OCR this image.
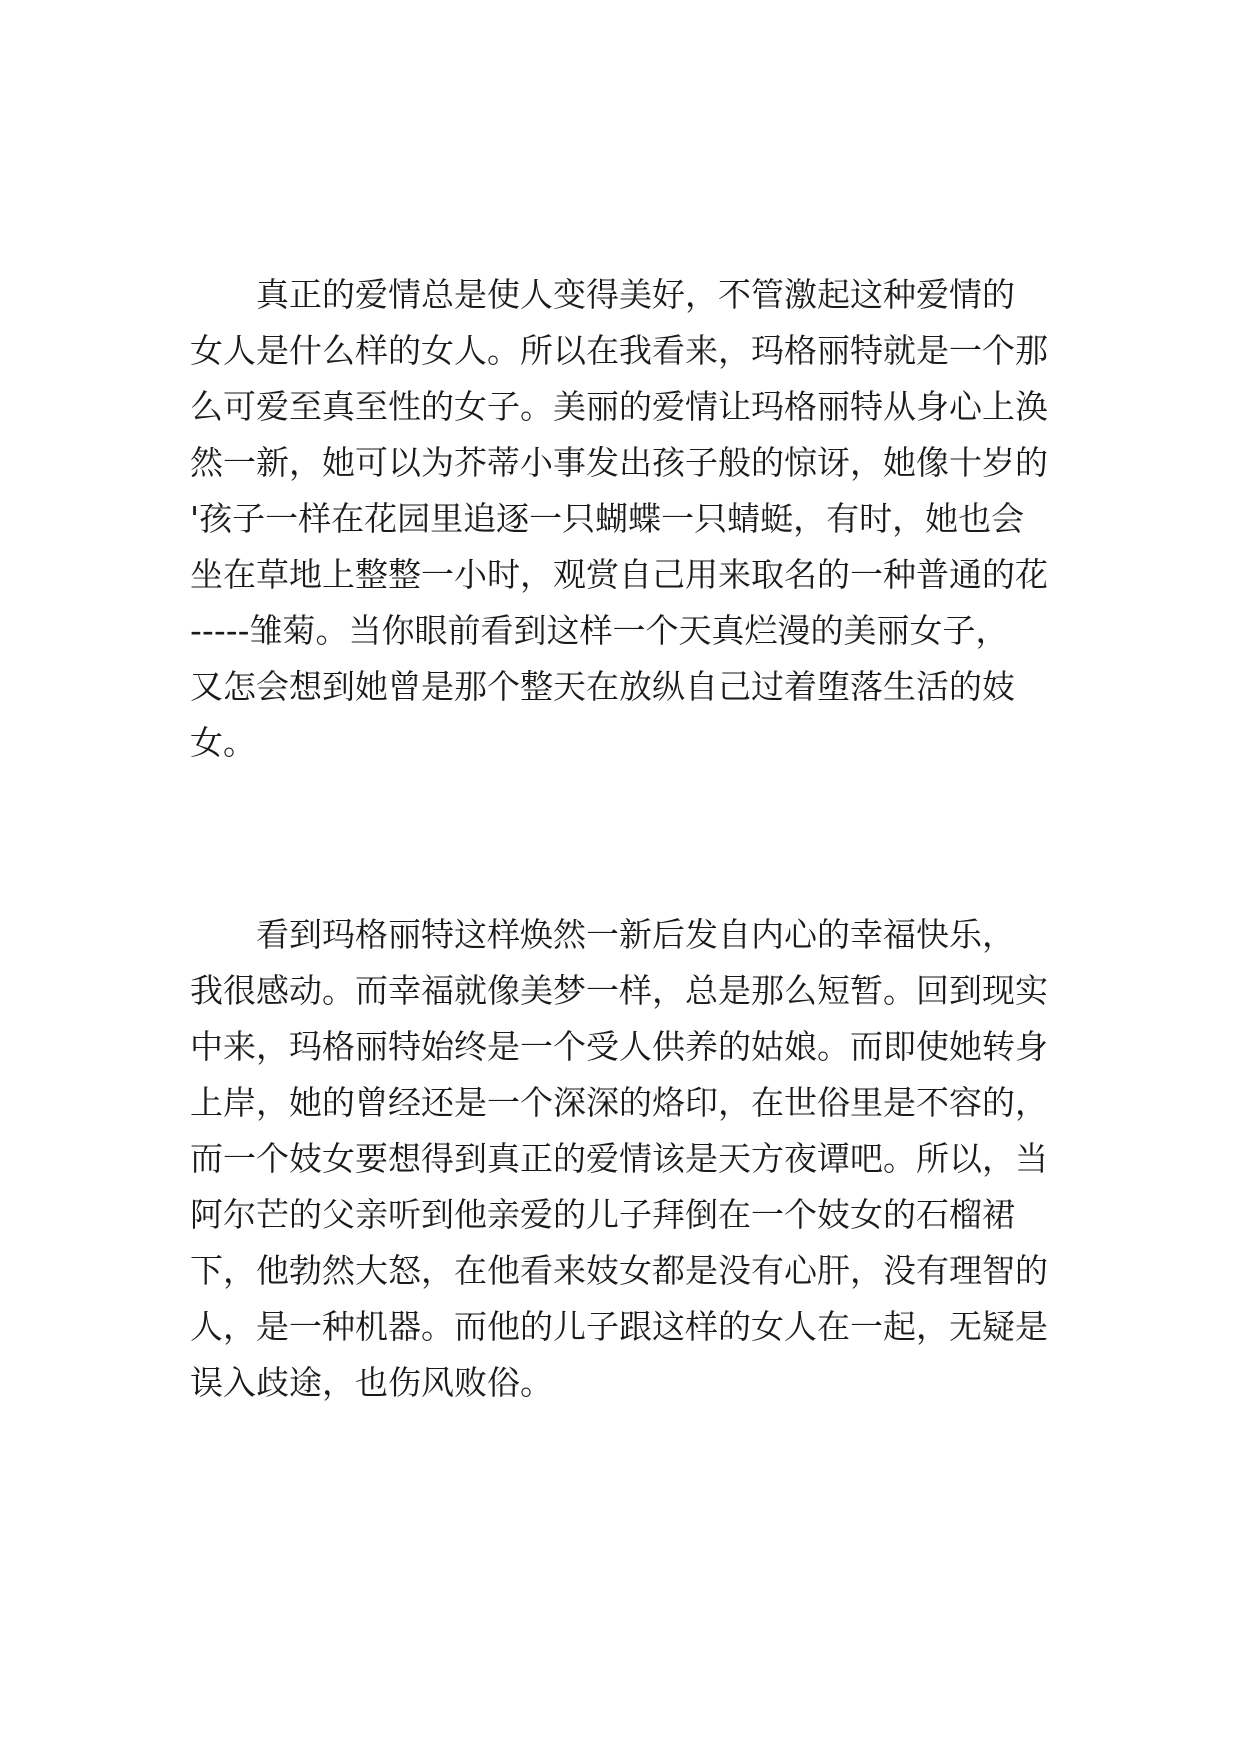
　　真正的爱情总是使人变得美好，不管激起这种爱情的
女人是什么样的女人。所以在我看来，玛格丽特就是一个那
么可爱至真至性的女子。美丽的爱情让玛格丽特从身心上涣
然一新，她可以为芥蒂小事发出孩子般的惊讶，她像十岁的
'孩子一样在花园里追逐一只蝴蝶一只蜻蜓，有时，她也会
坐在草地上整整一小时，观赏自己用来取名的一种普通的花
-----雏菊。当你眼前看到这样一个天真烂漫的美丽女子，
又怎会想到她曾是那个整天在放纵自己过着堕落生活的妓
女。
　　看到玛格丽特这样焕然一新后发自内心的幸福快乐，
我很感动。而幸福就像美梦一样，总是那么短暂。回到现实
中来，玛格丽特始终是一个受人供养的姑娘。而即使她转身
上岸，她的曾经还是一个深深的烙印，在世俗里是不容的，
而一个妓女要想得到真正的爱情该是天方夜谭吧。所以，当
阿尔芒的父亲听到他亲爱的儿子拜倒在一个妓女的石榴裙
下，他勃然大怒，在他看来妓女都是没有心肝，没有理智的
人，是一种机器。而他的儿子跟这样的女人在一起，无疑是
误入歧途，也伤风败俗。
